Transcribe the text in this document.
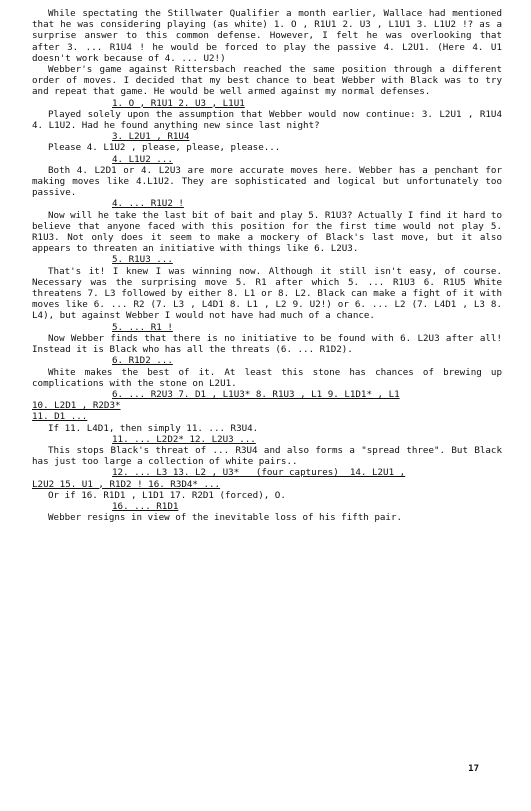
While spectating the Stillwater Qualifier a month earlier, Wallace had mentioned that he was considering playing (as white) 1. O , R1U1 2. U3 , L1U1 3. L1U2 !? as a surprise answer to this common defense. However, I felt he was overlooking that after 3. ... R1U4 ! he would be forced to play the passive 4. L2U1. (Here 4. U1 doesn't work because of 4. ... U2!)
Webber's game against Rittersbach reached the same position through a different order of moves. I decided that my best chance to beat Webber with Black was to try and repeat that game. He would be well armed against my normal defenses.
1. O , R1U1 2. U3 , L1U1
Played solely upon the assumption that Webber would now continue: 3. L2U1 , R1U4 4. L1U2. Had he found anything new since last night?
3. L2U1 , R1U4
Please 4. L1U2 , please, please, please...
4. L1U2 ...
Both 4. L2D1 or 4. L2U3 are more accurate moves here. Webber has a penchant for making moves like 4.L1U2. They are sophisticated and logical but unfortunately too passive.
4. ... R1U2 !
Now will he take the last bit of bait and play 5. R1U3? Actually I find it hard to believe that anyone faced with this position for the first time would not play 5. R1U3. Not only does it seem to make a mockery of Black's last move, but it also appears to threaten an initiative with things like 6. L2U3.
5. R1U3 ...
That's it! I knew I was winning now. Although it still isn't easy, of course. Necessary was the surprising move 5. R1 after which 5. ... R1U3 6. R1U5 White threatens 7. L3 followed by either 8. L1 or 8. L2. Black can make a fight of it with moves like 6. ... R2 (7. L3 , L4D1 8. L1 , L2 9. U2!) or 6. ... L2 (7. L4D1 , L3 8. L4), but against Webber I would not have had much of a chance.
5. ... R1 !
Now Webber finds that there is no initiative to be found with 6. L2U3 after all! Instead it is Black who has all the threats (6. ... R1D2).
6. R1D2 ...
White makes the best of it. At least this stone has chances of brewing up complications with the stone on L2U1.
6. ... R2U3 7. D1 , L1U3* 8. R1U3 , L1 9. L1D1* , L1
10. L2D1 , R2D3*
11. D1 ...
If 11. L4D1, then simply 11. ... R3U4.
11. ... L2D2* 12. L2U3 ...
This stops Black's threat of ... R3U4 and also forms a "spread three". But Black has just too large a collection of white pairs..
12. ... L3 13. L2 , U3*   (four captures)  14. L2U1 ,
L2U2 15. U1 , R1D2 ! 16. R3D4* ...
Or if 16. R1D1 , L1D1 17. R2D1 (forced), O.
16. ... R1D1
Webber resigns in view of the inevitable loss of his fifth pair.
17
